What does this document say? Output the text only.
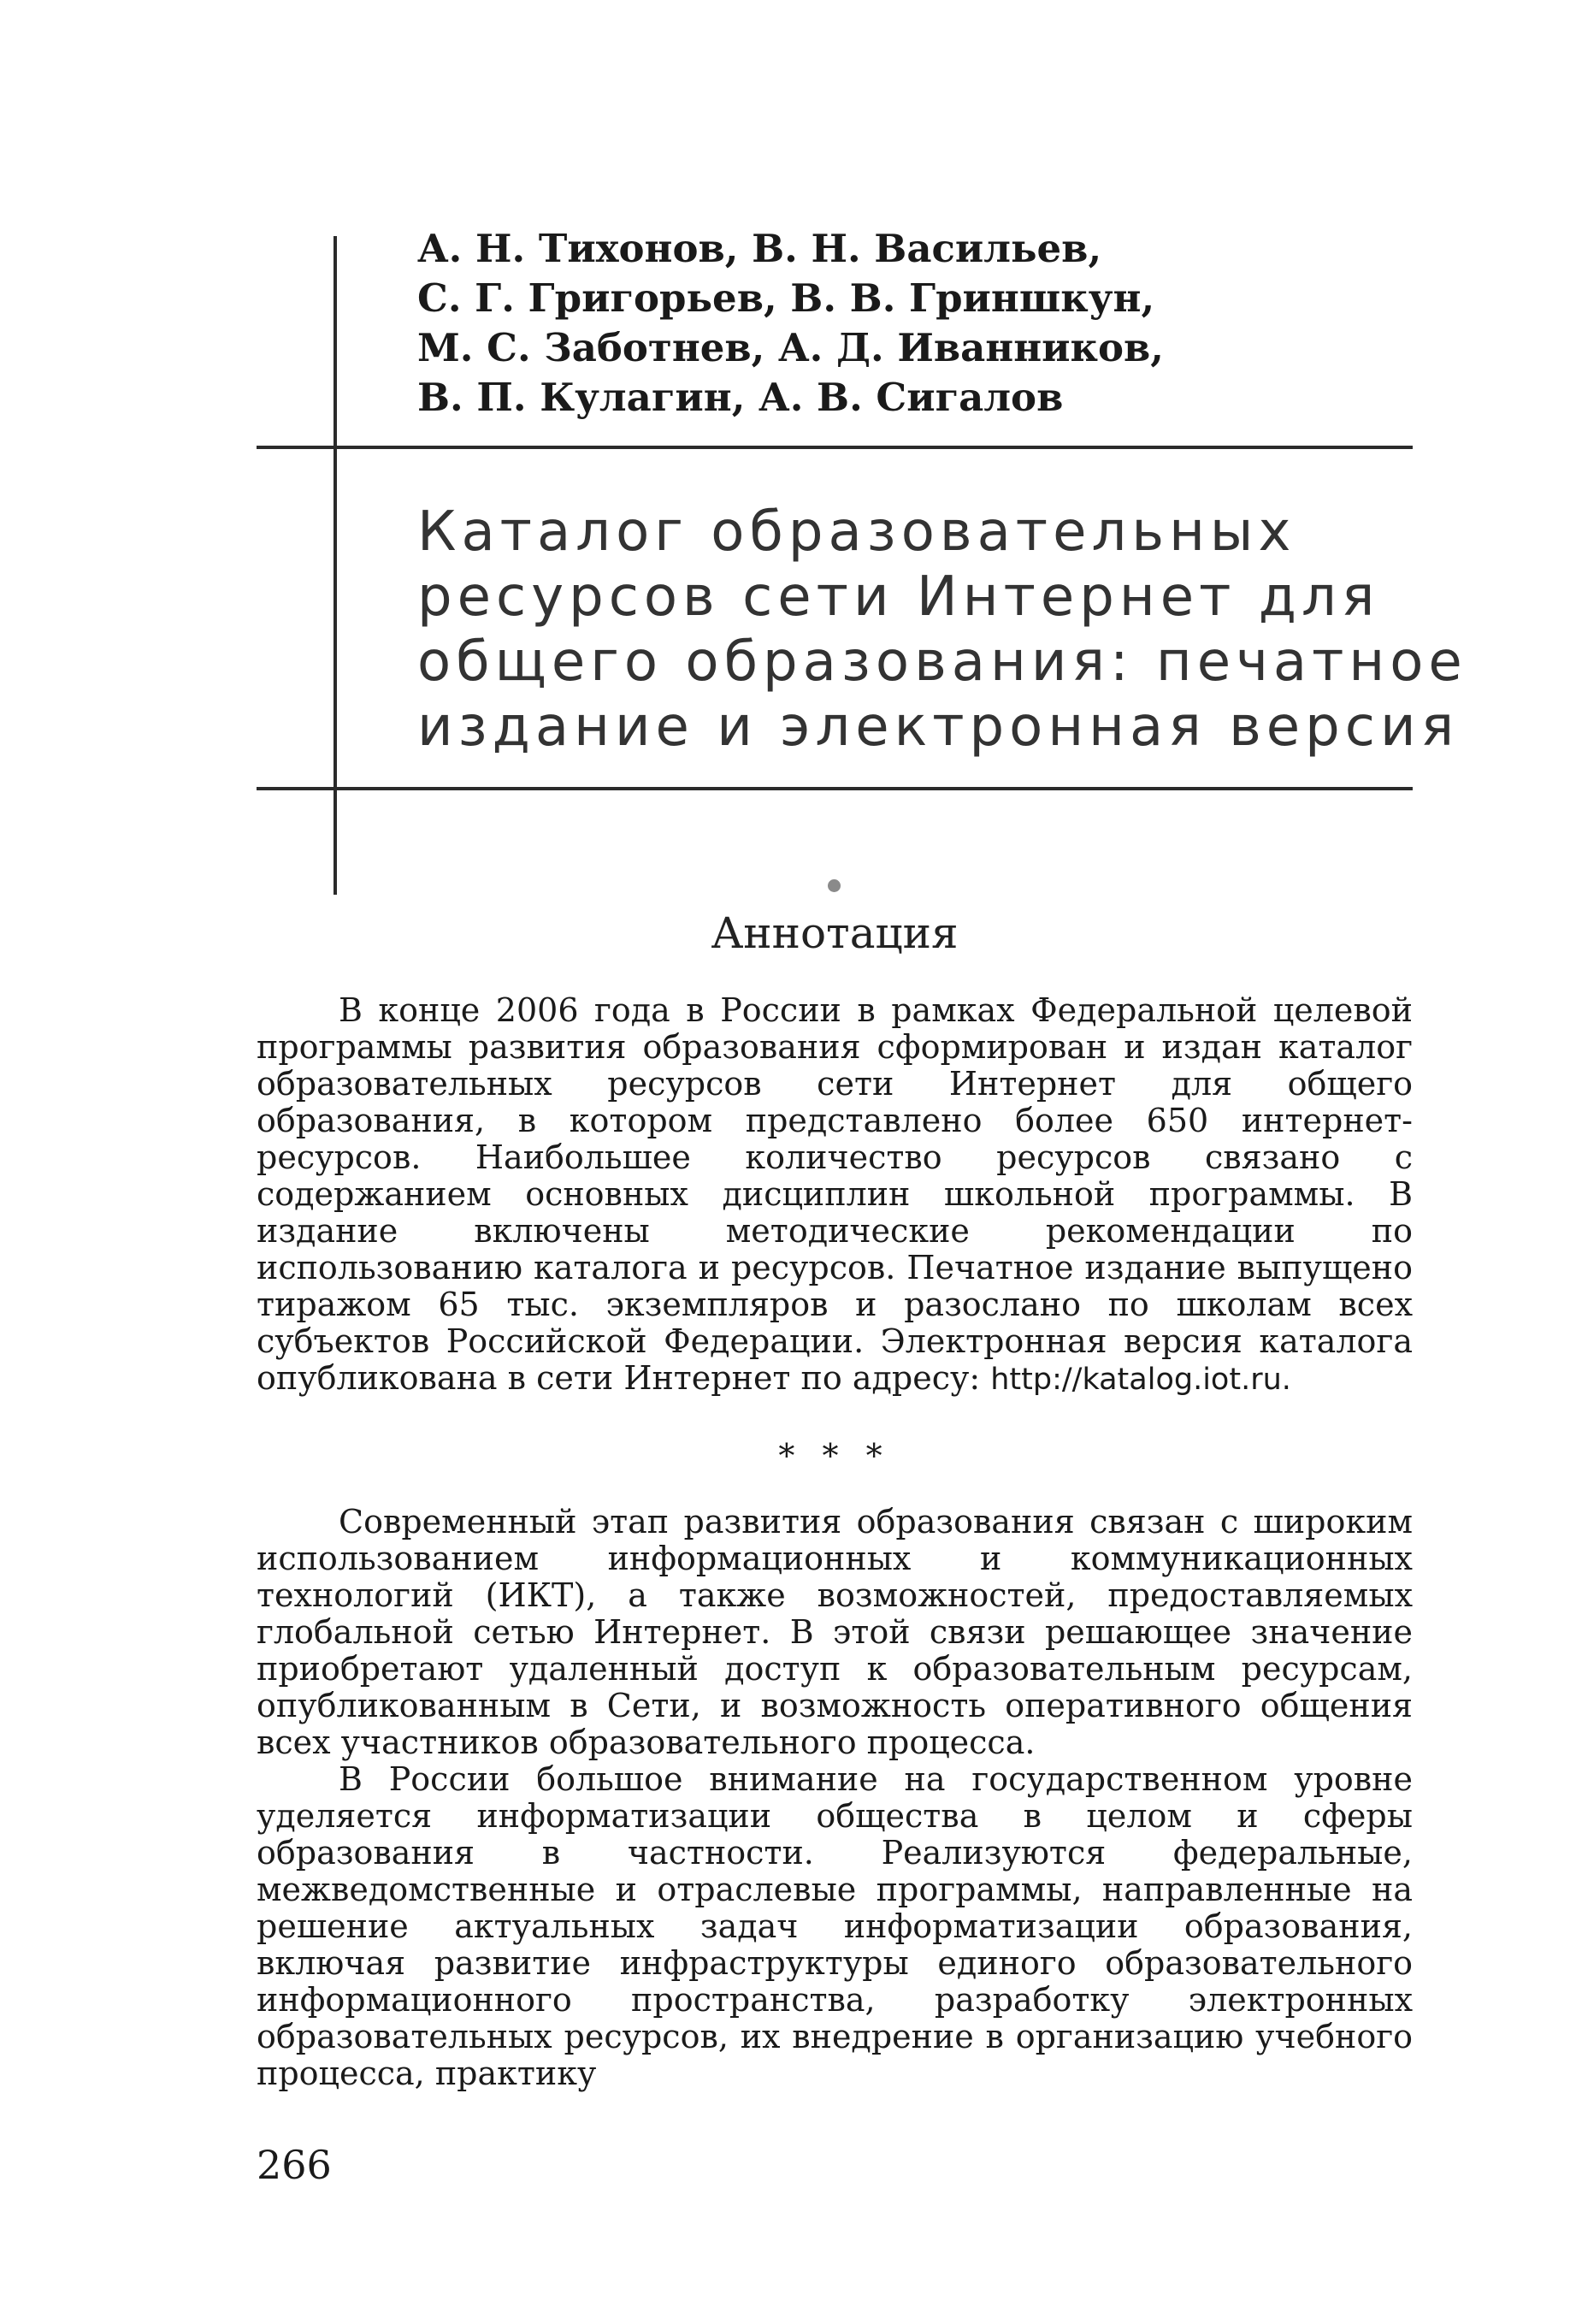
А. Н. Тихонов, В. Н. Васильев,
С. Г. Григорьев, В. В. Гриншкун,
М. С. Заботнев, А. Д. Иванников,
В. П. Кулагин, А. В. Сигалов
Каталог образовательных
ресурсов сети Интернет для
общего образования: печатное
издание и электронная версия
Аннотация

В конце 2006 года в России в рамках Федеральной целевой программы развития образования сформирован и издан каталог образовательных ресурсов сети Интернет для общего образования, в котором представлено более 650 интернет-ресурсов. Наибольшее количество ресурсов связано с содержанием основных дисциплин школьной программы. В издание включены методические рекомендации по использованию каталога и ресурсов. Печатное издание выпущено тиражом 65 тыс. экземпляров и разослано по школам всех субъектов Российской Федерации. Электронная версия каталога опубликована в сети Интернет по адресу: http://katalog.iot.ru.

* * *

Современный этап развития образования связан с широким использованием информационных и коммуникационных технологий (ИКТ), а также возможностей, предоставляемых глобальной сетью Интернет. В этой связи решающее значение приобретают удаленный доступ к образовательным ресурсам, опубликованным в Сети, и возможность оперативного общения всех участников образовательного процесса.

В России большое внимание на государственном уровне уделяется информатизации общества в целом и сферы образования в частности. Реализуются федеральные, межведомственные и отраслевые программы, направленные на решение актуальных задач информатизации образования, включая развитие инфраструктуры единого образовательного информационного пространства, разработку электронных образовательных ресурсов, их внедрение в организацию учебного процесса, практику

266
